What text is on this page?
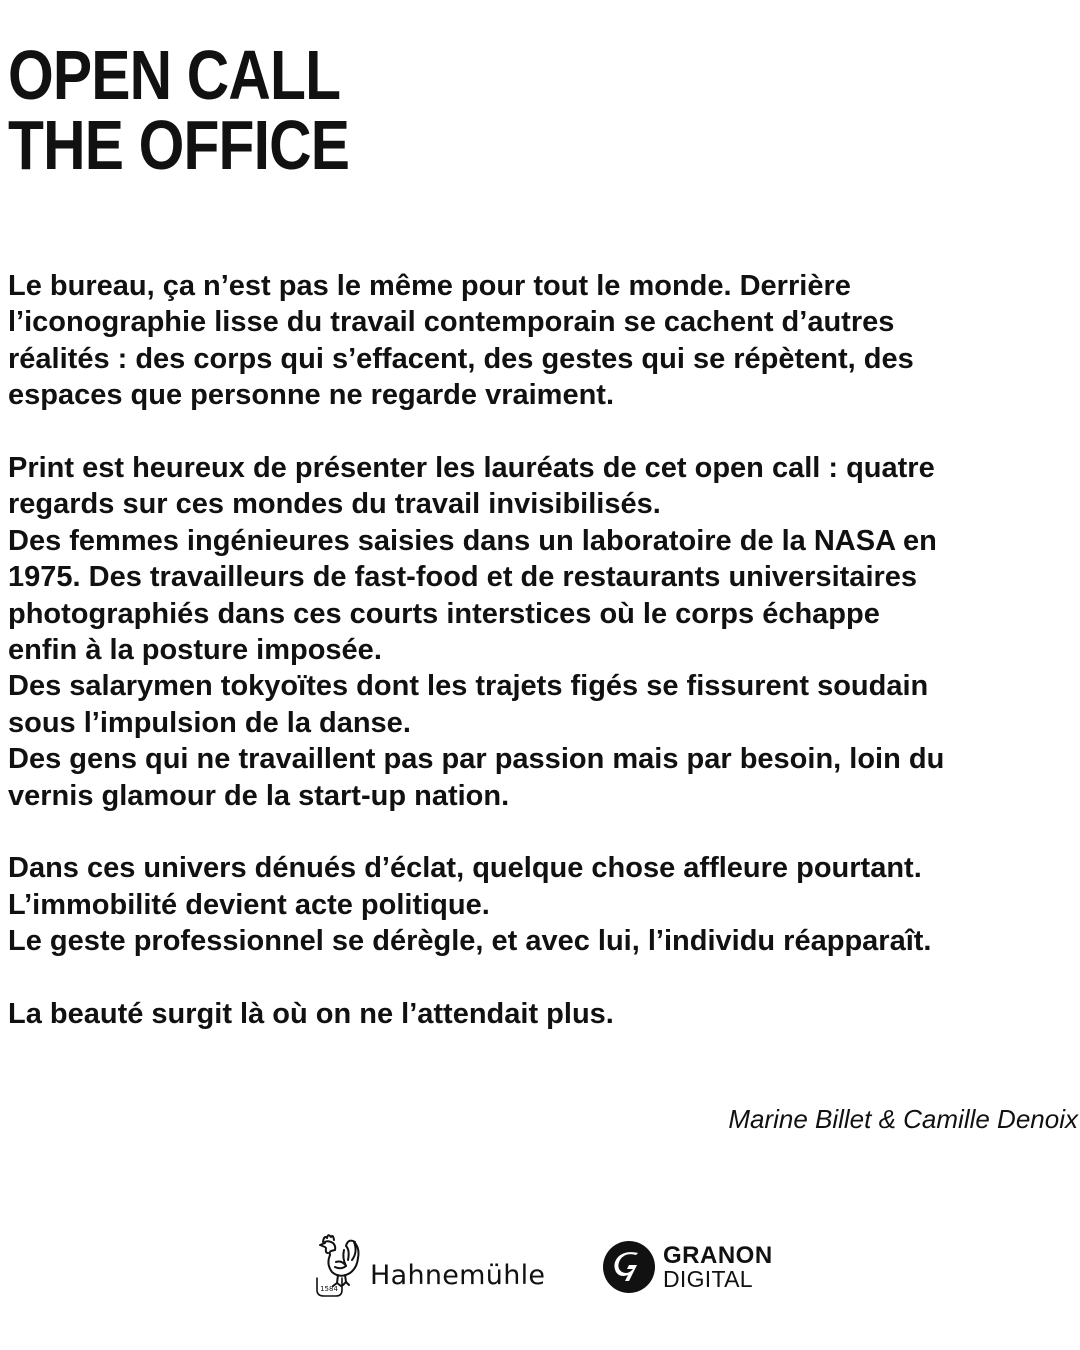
OPEN CALL
THE OFFICE

Le bureau, ça n’est pas le même pour tout le monde. Derrière
l’iconographie lisse du travail contemporain se cachent d’autres
réalités : des corps qui s’effacent, des gestes qui se répètent, des
espaces que personne ne regarde vraiment.

Print est heureux de présenter les lauréats de cet open call : quatre
regards sur ces mondes du travail invisibilisés.
Des femmes ingénieures saisies dans un laboratoire de la NASA en
1975. Des travailleurs de fast-food et de restaurants universitaires
photographiés dans ces courts interstices où le corps échappe
enfin à la posture imposée.
Des salarymen tokyoïtes dont les trajets figés se fissurent soudain
sous l’impulsion de la danse.
Des gens qui ne travaillent pas par passion mais par besoin, loin du
vernis glamour de la start-up nation.

Dans ces univers dénués d’éclat, quelque chose affleure pourtant.
L’immobilité devient acte politique.
Le geste professionnel se dérègle, et avec lui, l’individu réapparaît.

La beauté surgit là où on ne l’attendait plus.

Marine Billet & Camille Denoix
1584 Hahnemühle
GRANON
DIGITAL
